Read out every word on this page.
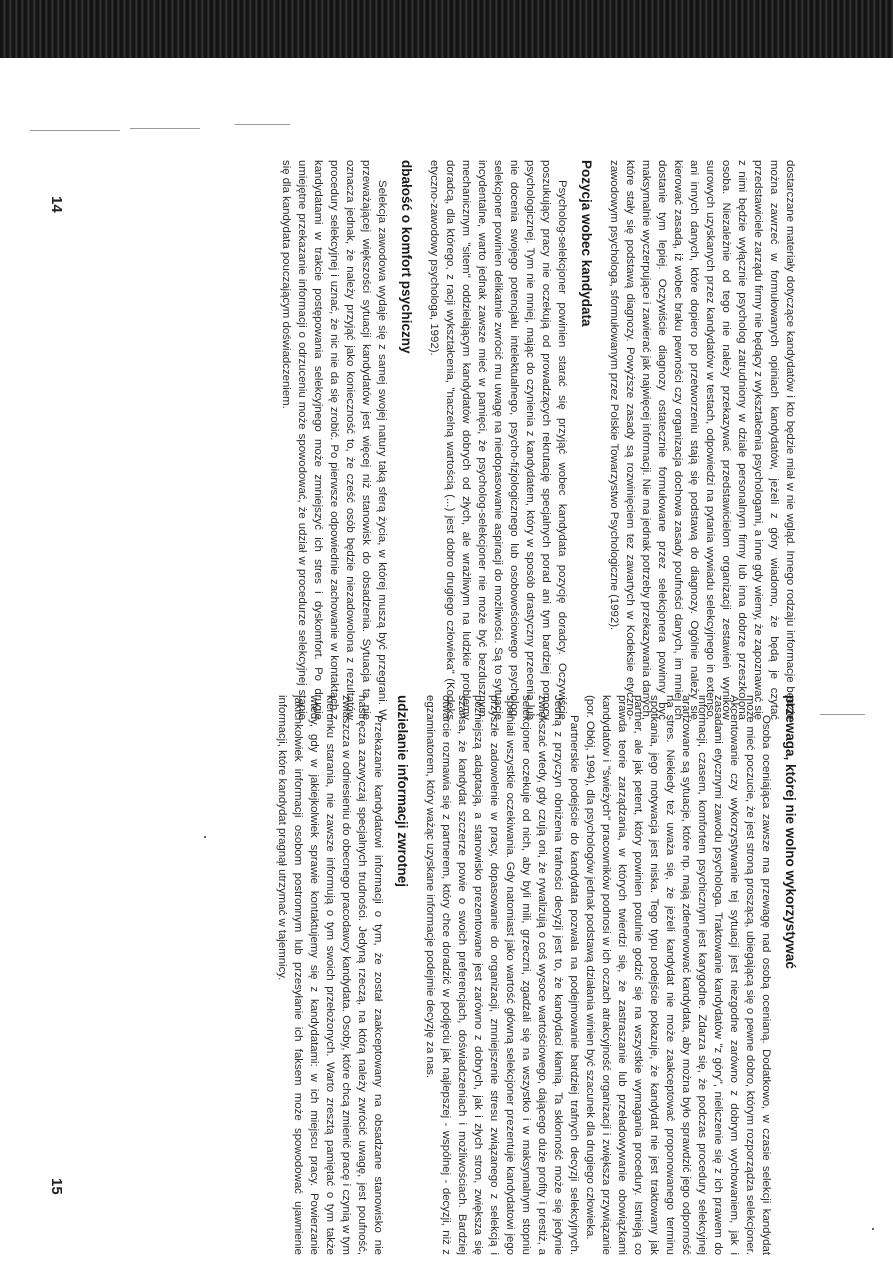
14	dostarczane materiały dotyczące kandydatów i kto będzie miał w nie wgląd. Innego rodzaju informacje będzie można zawrzeć w formułowanych opiniach kandydatów, jeżeli z góry wiadomo, że będą je czytać przedstawiciele zarządu firmy nie będący z wykształcenia psychologami, a inne gdy wiemy, że zapoznawać się z nimi będzie wyłącznie psycholog zatrudniony w dziale personalnym firmy lub inna dobrze przeszkolona osoba. Niezależnie od tego nie należy przekazywać przedstawicielom organizacji zestawień wyników surowych uzyskanych przez kandydatów w testach, odpowiedzi na pytania wywiadu selekcyjnego in extenso, ani innych danych, które dopiero po przetworzeniu stają się podstawą do diagnozy. Ogólnie należy się kierować zasadą, iż wobec braku pewności czy organizacja dochowa zasady poufności danych, im mniej ich dostanie tym lepiej. Oczywiście diagnozy ostatecznie formułowane przez selekcjonera powinny być maksymalnie wyczerpujące i zawierać jak najwięcej informacji. Nie ma jednak potrzeby przekazywania danych, które stały się podstawą diagnozy. Powyższe zasady są rozwinięciem tez zawartych w Kodeksie etyczno-zawodowym psychologa, sformułowanym przez Polskie Towarzystwo Psychologiczne (1992).

Pozycja wobec kandydata

Psycholog-selekcjoner powinien starać się przyjąć wobec kandydata pozycję doradcy. Oczywiście poszukujący pracy nie oczekują od prowadzących rekrutację specjalnych porad ani tym bardziej pomocy psychologicznej. Tym nie mniej, mając do czynienia z kandydatem, który w sposób drastyczny przecenia lub nie docenia swojego potencjału intelektualnego, psycho-fizjologicznego lub osobowościowego psycholog-selekcjoner powinien delikatnie zwrócić mu uwagę na niedopasowanie aspiracji do możliwości. Są to sytuacje incydentalne, warto jednak zawsze mieć w pamięci, że psycholog-selekcjoner nie może być bezdusznym, mechanicznym "sitem" oddzielającym kandydatów dobrych od złych, ale wrażliwym na ludzkie problemy doradcą, dla którego, z racji wykształcenia, "naczelną wartością (...) jest dobro drugiego człowieka" (Kodeks etyczno-zawodowy psychologa, 1992).

dbałość o komfort psychiczny

Selekcja zawodowa wydaje się z samej swojej natury taką sferą życia, w której muszą być przegrani. W przeważającej większości sytuacji kandydatów jest więcej niż stanowisk do obsadzenia. Sytuacja ta nie oznacza jednak, że należy przyjąć jako konieczność to, że cześć osób będzie niezadowolona z rezultatów procedury selekcyjnej i uznać, że nic nie da się zrobić. Po pierwsze odpowiednie zachowanie w kontaktach z kandydatami w trakcie postępowania selekcyjnego może zmniejszyć ich stres i dyskomfort. Po drugie umiejętne przekazanie informacji o odrzuceniu może spowodować, że udział w procedurze selekcyjnej stanie się dla kandydata pouczającym doświadczeniem.

15
przewaga, której nie wolno wykorzystywać

Osoba oceniająca zawsze ma przewagę nad osobą ocenianą. Dodatkowo, w czasie selekcji kandydat może mieć poczucie, że jest stroną proszącą, ubiegającą się o pewne dobro, którym rozporządza selekcjoner. Akcentowanie czy wykorzystywanie tej sytuacji jest niezgodne zarówno z dobrym wychowaniem, jak i zasadami etycznymi zawodu psychologa. Traktowanie kandydatów "z góry", nieliczenie się z ich prawem do informacji, czasem, komfortem psychicznym jest karygodne. Zdarza się, że podczas procedury selekcyjnej aranżowane są sytuacje, które np. mają zdenerwować kandydata, aby można było sprawdzić jego odporność na stres. Niekiedy też uważa się, że jeżeli kandydat nie może zaakceptować proponowanego terminu spotkania, jego motywacja jest niska. Tego typu podejście pokazuje, że kandydat nie jest traktowany jak partner, ale jak petent, który powinien potulnie godzić się na wszystkie wymagania procedury. Istnieją co prawda teorie zarządzania, w których twierdzi się, że zastraszanie lub przeładowywanie obowiązkami kandydatów i "świeżych" pracowników podnosi w ich oczach atrakcyjność organizacji i zwiększa przywiązanie (por. Obłój, 1994), dla psychologów jednak podstawą działania winien być szacunek dla drugiego człowieka.

Partnerskie podejście do kandydata pozwala na podejmowanie bardziej trafnych decyzji selekcyjnych. Jedną z przyczyn obniżenia trafności decyzji jest to, że kandydaci kłamią. Ta skłonność może się jedynie zwiększać wtedy, gdy czują oni, że rywalizują o coś wysoce wartościowego, dającego duże profity i prestiż, a selekcjoner oczekuje od nich, aby byli mili, grzeczni, zgadzali się na wszystko i w maksymalnym stopniu spełniali wszystkie oczekiwania. Gdy natomiast jako wartość główną selekcjoner prezentuje kandydatowi jego przyszłe zadowolenie w pracy, dopasowanie do organizacji, zmniejszenie stresu związanego z selekcją i późniejszą adaptacją, a stanowisko prezentowane jest zarówno z dobrych, jak i złych stron, zwiększa się szansa, że kandydat szczerze powie o swoich preferencjach, doświadczeniach i możliwościach. Bardziej otwarcie rozmawia się z partnerem, który chce doradzić w podjęciu jak najlepszej - wspólnej - decyzji, niż z egzaminatorem, który ważąc uzyskane informacje podejmie decyzję za nas.

udzielanie informacji zwrotnej

Przekazanie kandydatowi informacji o tym, że został zaakceptowany na obsadzane stanowisko nie nastręcza zazwyczaj specjalnych trudności. Jedyną rzeczą, na którą należy zwrócić uwagę, jest poufność, zwłaszcza w odniesieniu do obecnego pracodawcy kandydata. Osoby, które chcą zmienić pracę i czynią w tym kierunku starania, nie zawsze informują o tym swoich przełożonych. Warto zresztą pamiętać o tym także wtedy, gdy w jakiejkolwiek sprawie kontaktujemy się z kandydatami: w ich miejscu pracy. Powierzanie jakichkolwiek informacji osobom postronnym lub przesyłanie ich faksem może spowodować ujawnienie informacji, które kandydat pragnął utrzymać w tajemnicy.
